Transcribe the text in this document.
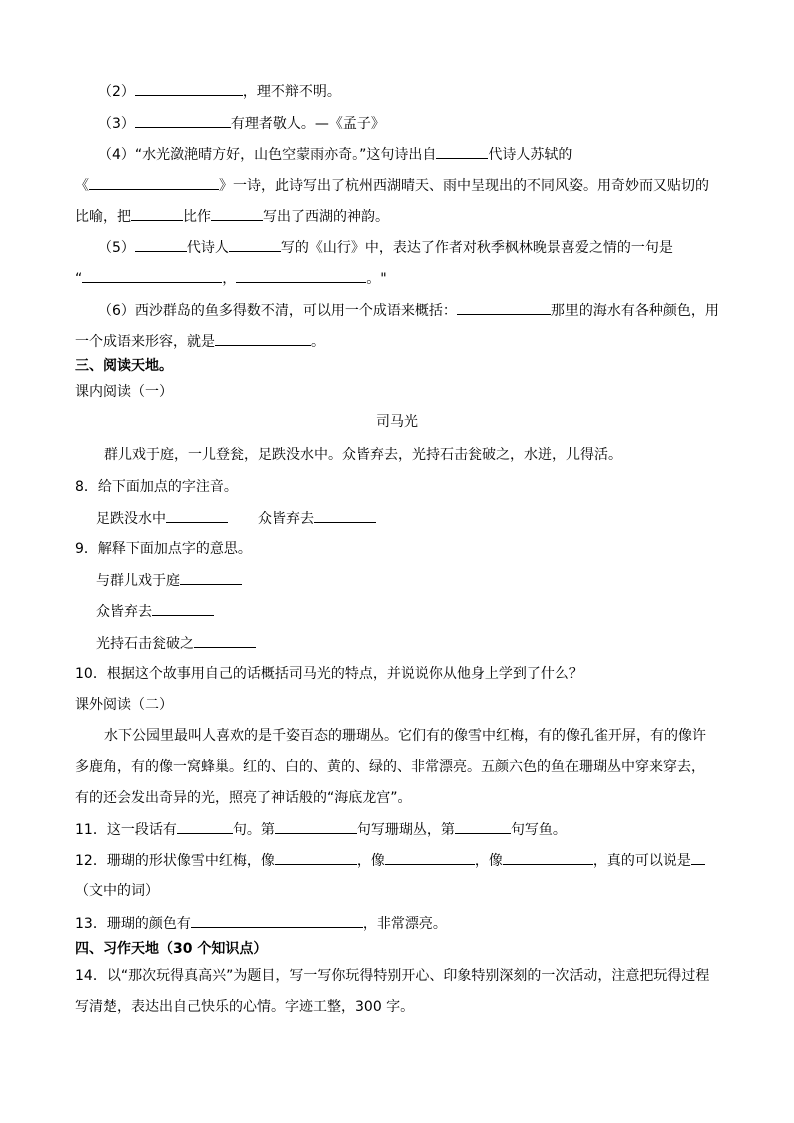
（2）	，理不辩不明。
（3）	有理者敬人。—《孟子》
（4）“水光潋滟晴方好，山色空蒙雨亦奇。”这句诗出自	代诗人苏轼的
《	》一诗，此诗写出了杭州西湖晴天、雨中呈现出的不同风姿。用奇妙而又贴切的
比喻，把	比作	写出了西湖的神韵。
（5）	代诗人	写的《山行》中，表达了作者对秋季枫林晚景喜爱之情的一句是
“	，	。"
（6）西沙群岛的鱼多得数不清，可以用一个成语来概括：	那里的海水有各种颜色，用
一个成语来形容，就是	。
三、阅读天地。
课内阅读（一）
司马光
群儿戏于庭，一儿登瓮，足跌没水中。众皆弃去，光持石击瓮破之，水迸，儿得活。
8．给下面加点的字注音。
足跌没水中	众皆弃去
9．解释下面加点字的意思。
与群儿戏于庭
众皆弃去
光持石击瓮破之
10．根据这个故事用自己的话概括司马光的特点，并说说你从他身上学到了什么？
课外阅读（二）
水下公园里最叫人喜欢的是千姿百态的珊瑚丛。它们有的像雪中红梅，有的像孔雀开屏，有的像许
多鹿角，有的像一窝蜂巢。红的、白的、黄的、绿的、非常漂亮。五颜六色的鱼在珊瑚丛中穿来穿去，
有的还会发出奇异的光，照亮了神话般的“海底龙宫”。
11．这一段话有	句。第	句写珊瑚丛，第	句写鱼。
12．珊瑚的形状像雪中红梅，像	，像	，像	，真的可以说是
（文中的词）
13．珊瑚的颜色有	，非常漂亮。
四、习作天地（30 个知识点）
14．以“那次玩得真高兴”为题目，写一写你玩得特别开心、印象特别深刻的一次活动，注意把玩得过程
写清楚，表达出自己快乐的心情。字迹工整，300 字。
